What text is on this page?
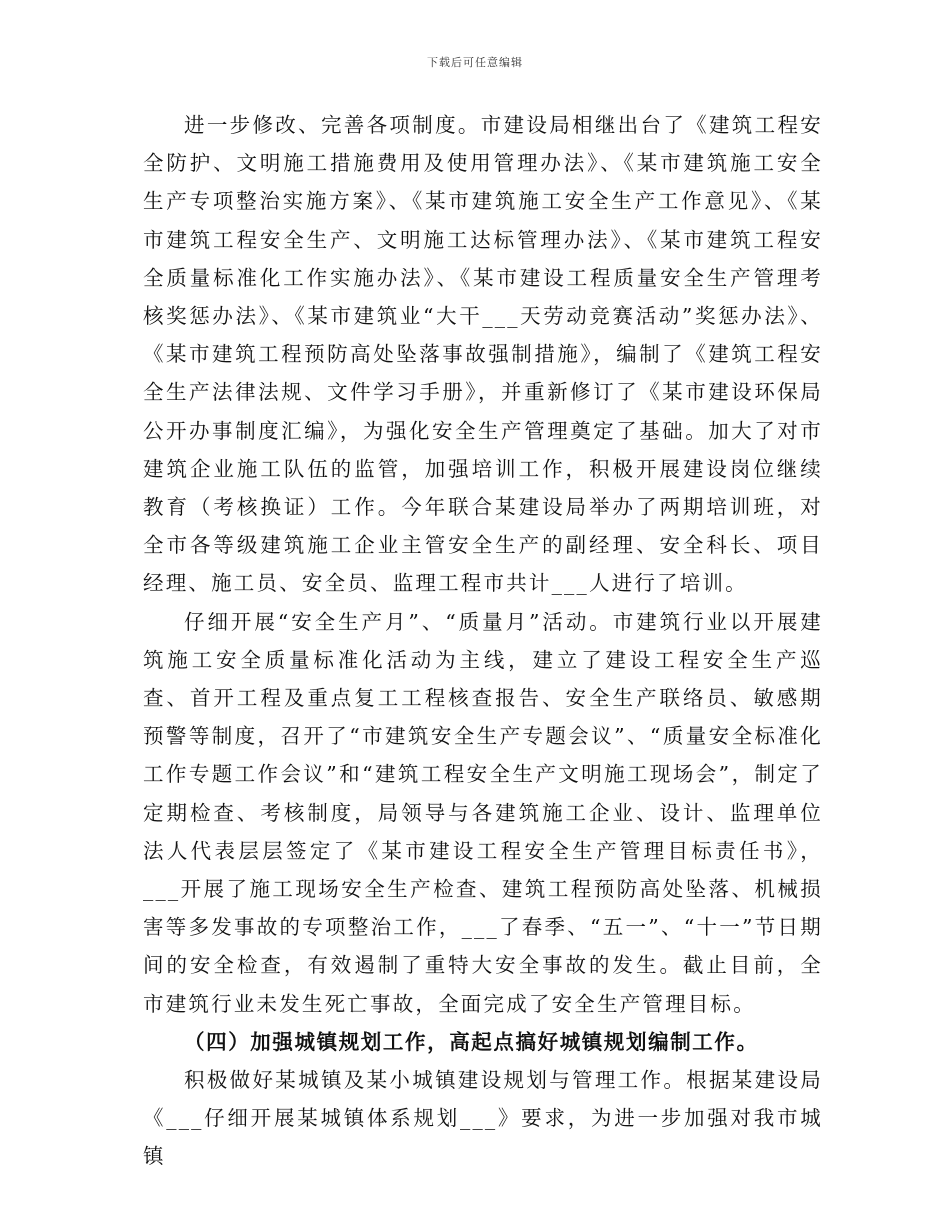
下载后可任意编辑

进一步修改、完善各项制度。市建设局相继出台了《建筑工程安全防护、文明施工措施费用及使用管理办法》、《某市建筑施工安全生产专项整治实施方案》、《某市建筑施工安全生产工作意见》、《某市建筑工程安全生产、文明施工达标管理办法》、《某市建筑工程安全质量标准化工作实施办法》、《某市建设工程质量安全生产管理考核奖惩办法》、《某市建筑业“大干___天劳动竞赛活动”奖惩办法》、《某市建筑工程预防高处坠落事故强制措施》，编制了《建筑工程安全生产法律法规、文件学习手册》，并重新修订了《某市建设环保局公开办事制度汇编》，为强化安全生产管理奠定了基础。加大了对市建筑企业施工队伍的监管，加强培训工作，积极开展建设岗位继续教育（考核换证）工作。今年联合某建设局举办了两期培训班，对全市各等级建筑施工企业主管安全生产的副经理、安全科长、项目经理、施工员、安全员、监理工程市共计___人进行了培训。

仔细开展“安全生产月”、“质量月”活动。市建筑行业以开展建筑施工安全质量标准化活动为主线，建立了建设工程安全生产巡查、首开工程及重点复工工程核查报告、安全生产联络员、敏感期预警等制度，召开了“市建筑安全生产专题会议”、“质量安全标准化工作专题工作会议”和“建筑工程安全生产文明施工现场会”，制定了定期检查、考核制度，局领导与各建筑施工企业、设计、监理单位法人代表层层签定了《某市建设工程安全生产管理目标责任书》，___开展了施工现场安全生产检查、建筑工程预防高处坠落、机械损害等多发事故的专项整治工作，___了春季、“五一”、“十一”节日期间的安全检查，有效遏制了重特大安全事故的发生。截止目前，全市建筑行业未发生死亡事故，全面完成了安全生产管理目标。

（四）加强城镇规划工作，高起点搞好城镇规划编制工作。

积极做好某城镇及某小城镇建设规划与管理工作。根据某建设局《___仔细开展某城镇体系规划___》要求，为进一步加强对我市城镇
